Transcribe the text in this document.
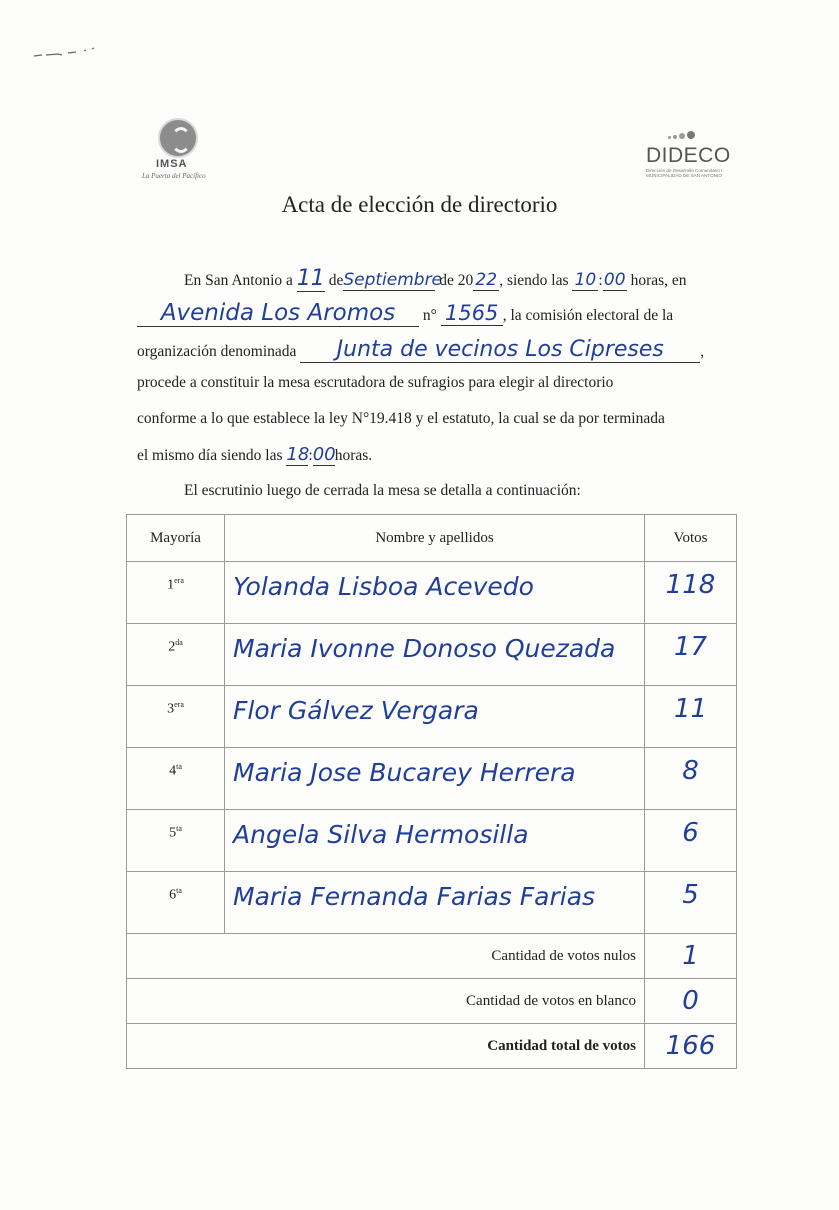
IMSA
La Puerta del Pacífico
DIDECO
Dirección de Desarrollo Comunitario I. MUNICIPALIDAD DE SAN ANTONIO
Acta de elección de directorio
En San Antonio a 11 deSeptiembre de 20 22 , siendo las 10 :00 horas, en
Avenida Los Aromos n° 1565 , la comisión electoral de la
organización denominada Junta de vecinos Los Cipreses ,
procede a constituir la mesa escrutadora de sufragios para elegir al directorio
conforme a lo que establece la ley N°19.418 y el estatuto, la cual se da por terminada
el mismo día siendo las 18:00horas.
El escrutinio luego de cerrada la mesa se detalla a continuación:
Mayoría	Nombre y apellidos	Votos
$1^{era}$	Yolanda Lisboa Acevedo	118
$2^{da}$	Maria Ivonne Donoso Quezada	17
$3^{era}$	Flor Gálvez Vergara	11
$4^{ta}$	Maria Jose Bucarey Herrera	8
$5^{ta}$	Angela Silva Hermosilla	6
$6^{ta}$	Maria Fernanda Farias Farias	5
Cantidad de votos nulos		1
Cantidad de votos en blanco		0
Cantidad total de votos		166
